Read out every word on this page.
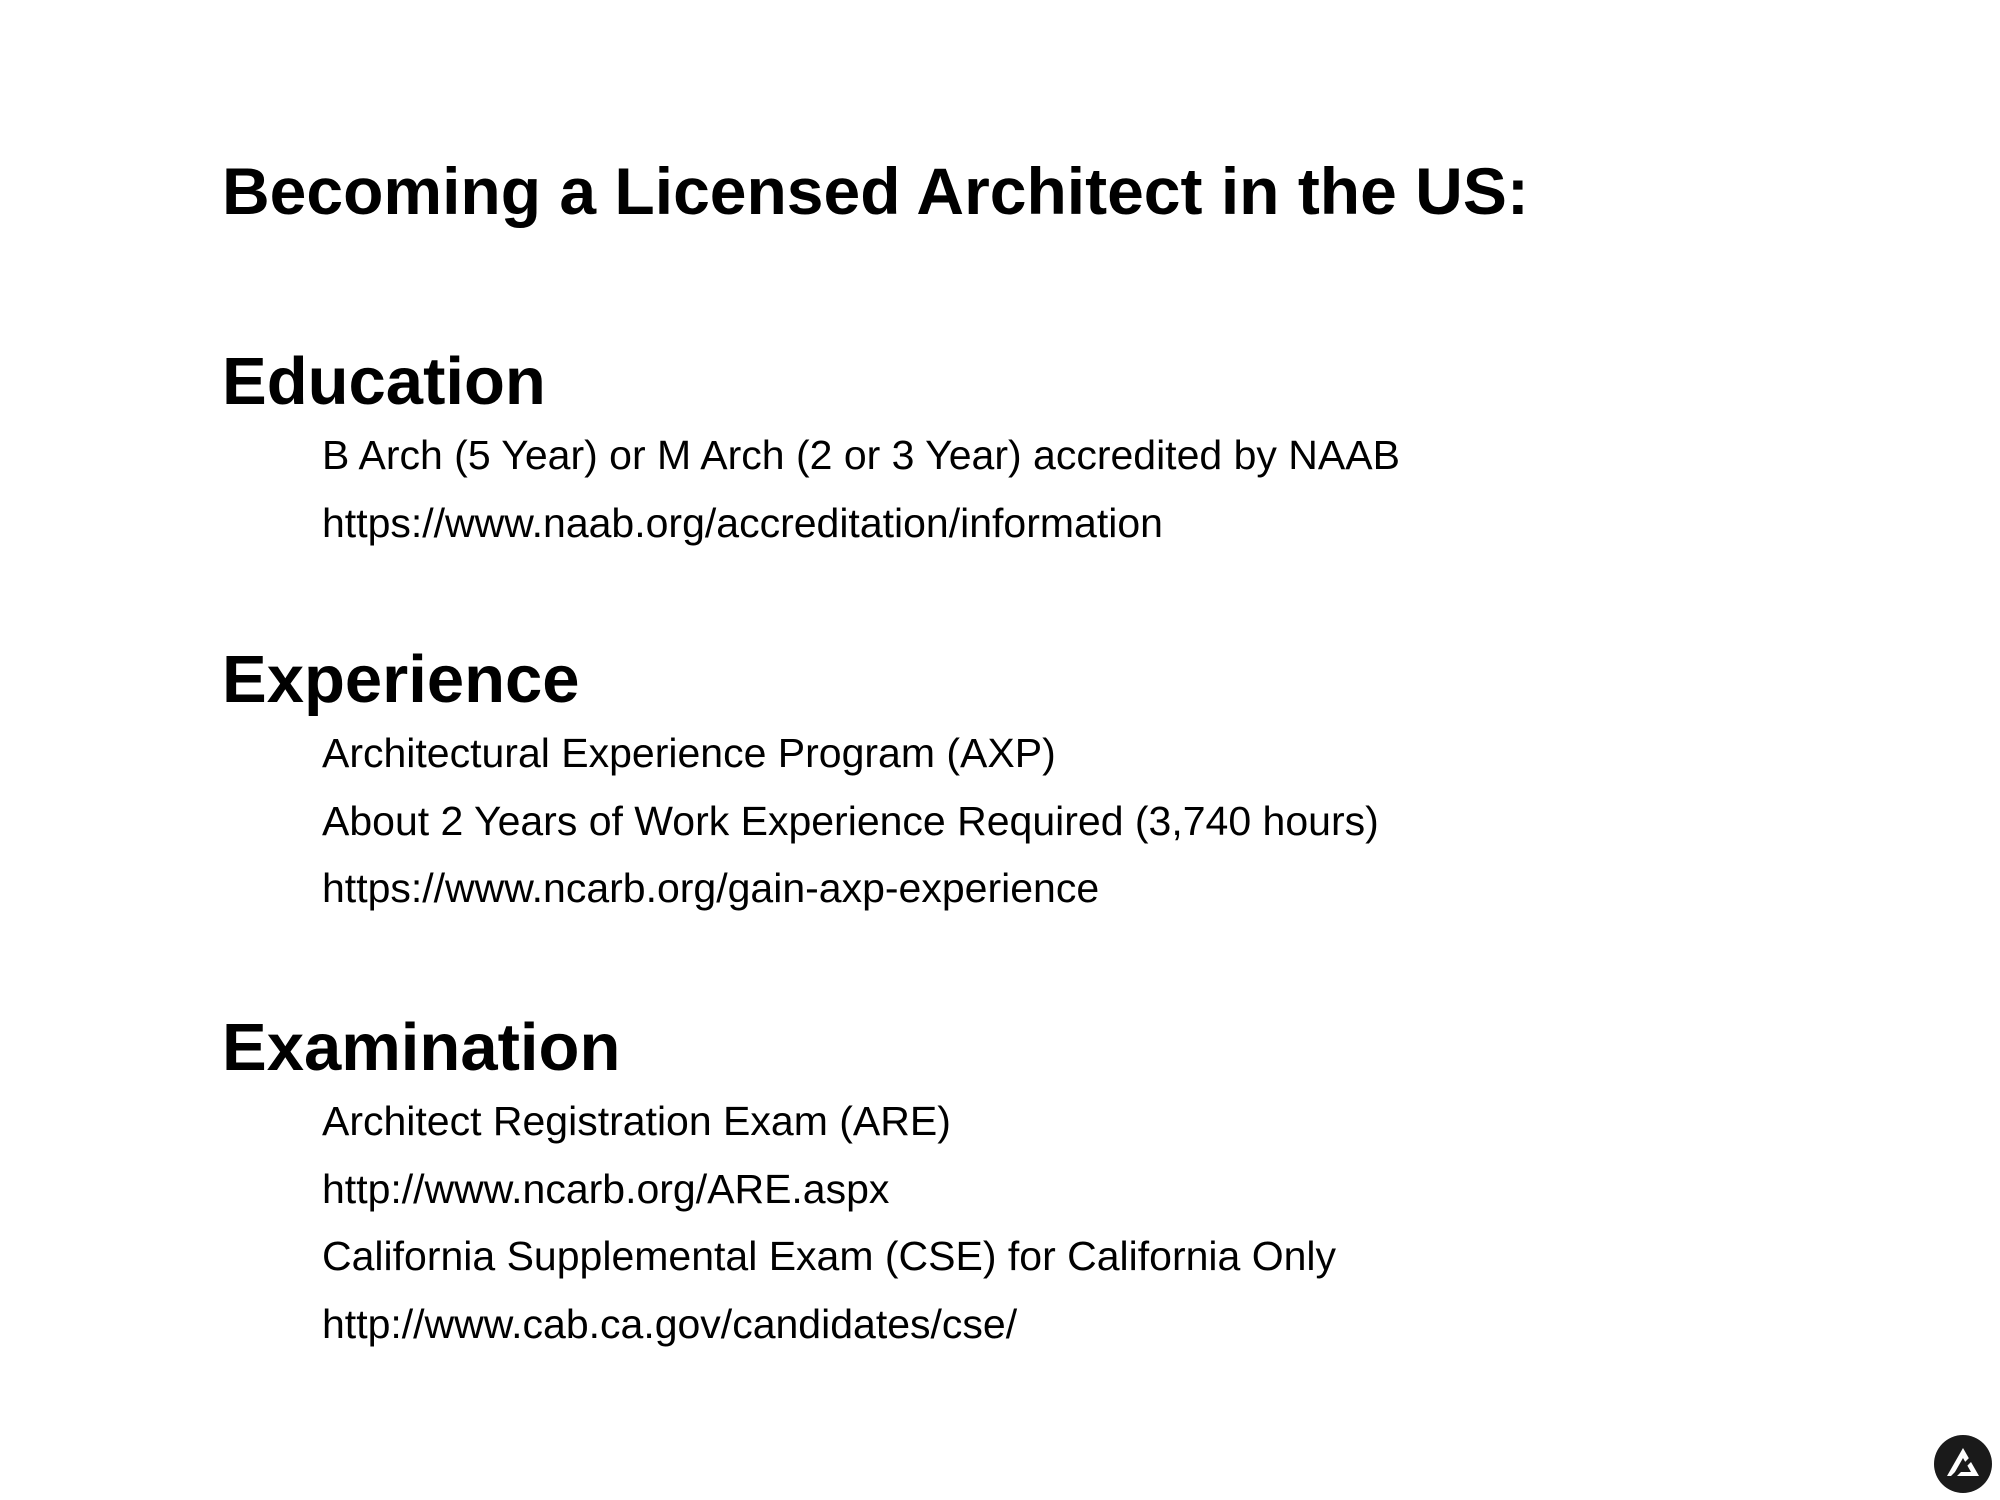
Becoming a Licensed Architect in the US:
Education
B Arch (5 Year) or M Arch (2 or 3 Year) accredited by NAAB
https://www.naab.org/accreditation/information
Experience
Architectural Experience Program (AXP)
About 2 Years of Work Experience Required (3,740 hours)
https://www.ncarb.org/gain-axp-experience
Examination
Architect Registration Exam (ARE)
http://www.ncarb.org/ARE.aspx
California Supplemental Exam (CSE) for California Only
http://www.cab.ca.gov/candidates/cse/
